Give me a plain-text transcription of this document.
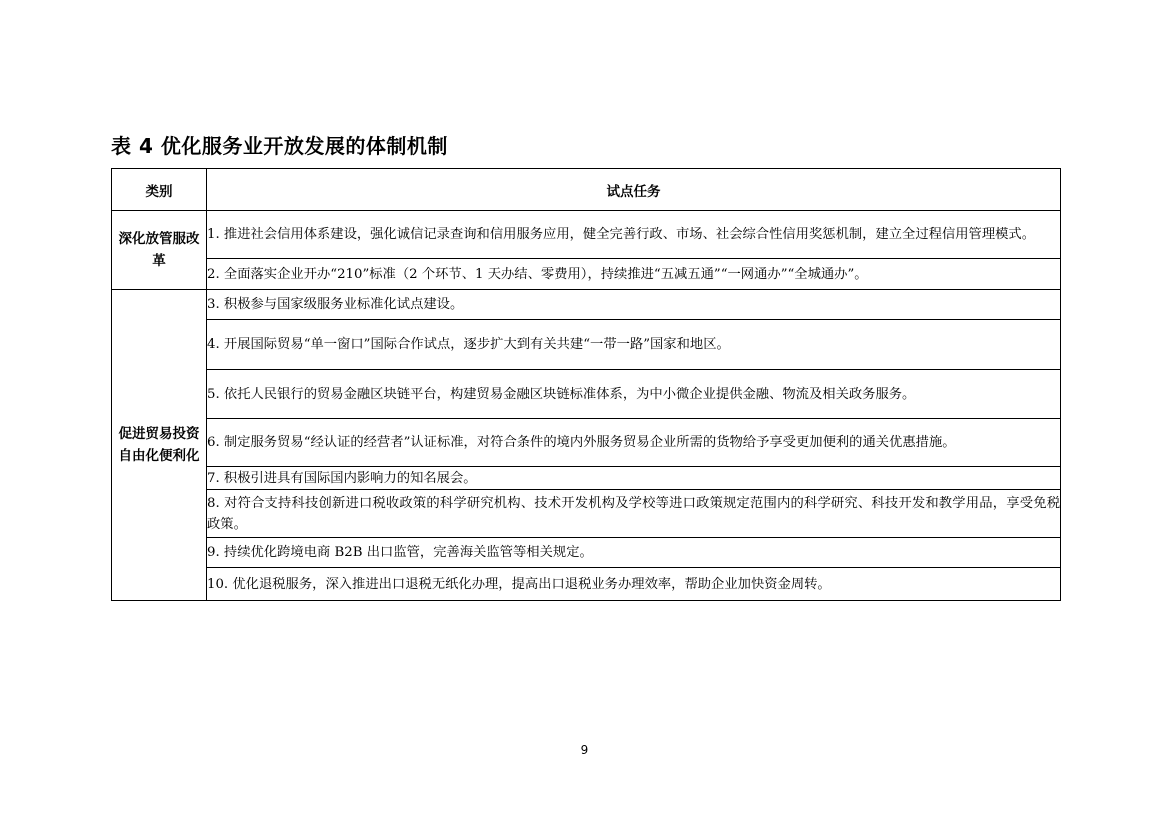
表 4 优化服务业开放发展的体制机制
类别	试点任务
深化放管服改革	1. 推进社会信用体系建设，强化诚信记录查询和信用服务应用，健全完善行政、市场、社会综合性信用奖惩机制，建立全过程信用管理模式。
	2. 全面落实企业开办“210”标准（2 个环节、1 天办结、零费用），持续推进“五减五通”“一网通办”“全城通办”。
促进贸易投资自由化便利化	3. 积极参与国家级服务业标准化试点建设。
	4. 开展国际贸易“单一窗口”国际合作试点，逐步扩大到有关共建“一带一路”国家和地区。
	5. 依托人民银行的贸易金融区块链平台，构建贸易金融区块链标准体系，为中小微企业提供金融、物流及相关政务服务。
	6. 制定服务贸易“经认证的经营者”认证标准，对符合条件的境内外服务贸易企业所需的货物给予享受更加便利的通关优惠措施。
	7. 积极引进具有国际国内影响力的知名展会。
	8. 对符合支持科技创新进口税收政策的科学研究机构、技术开发机构及学校等进口政策规定范围内的科学研究、科技开发和教学用品，享受免税政策。
	9. 持续优化跨境电商 B2B 出口监管，完善海关监管等相关规定。
	10. 优化退税服务，深入推进出口退税无纸化办理，提高出口退税业务办理效率，帮助企业加快资金周转。
9
